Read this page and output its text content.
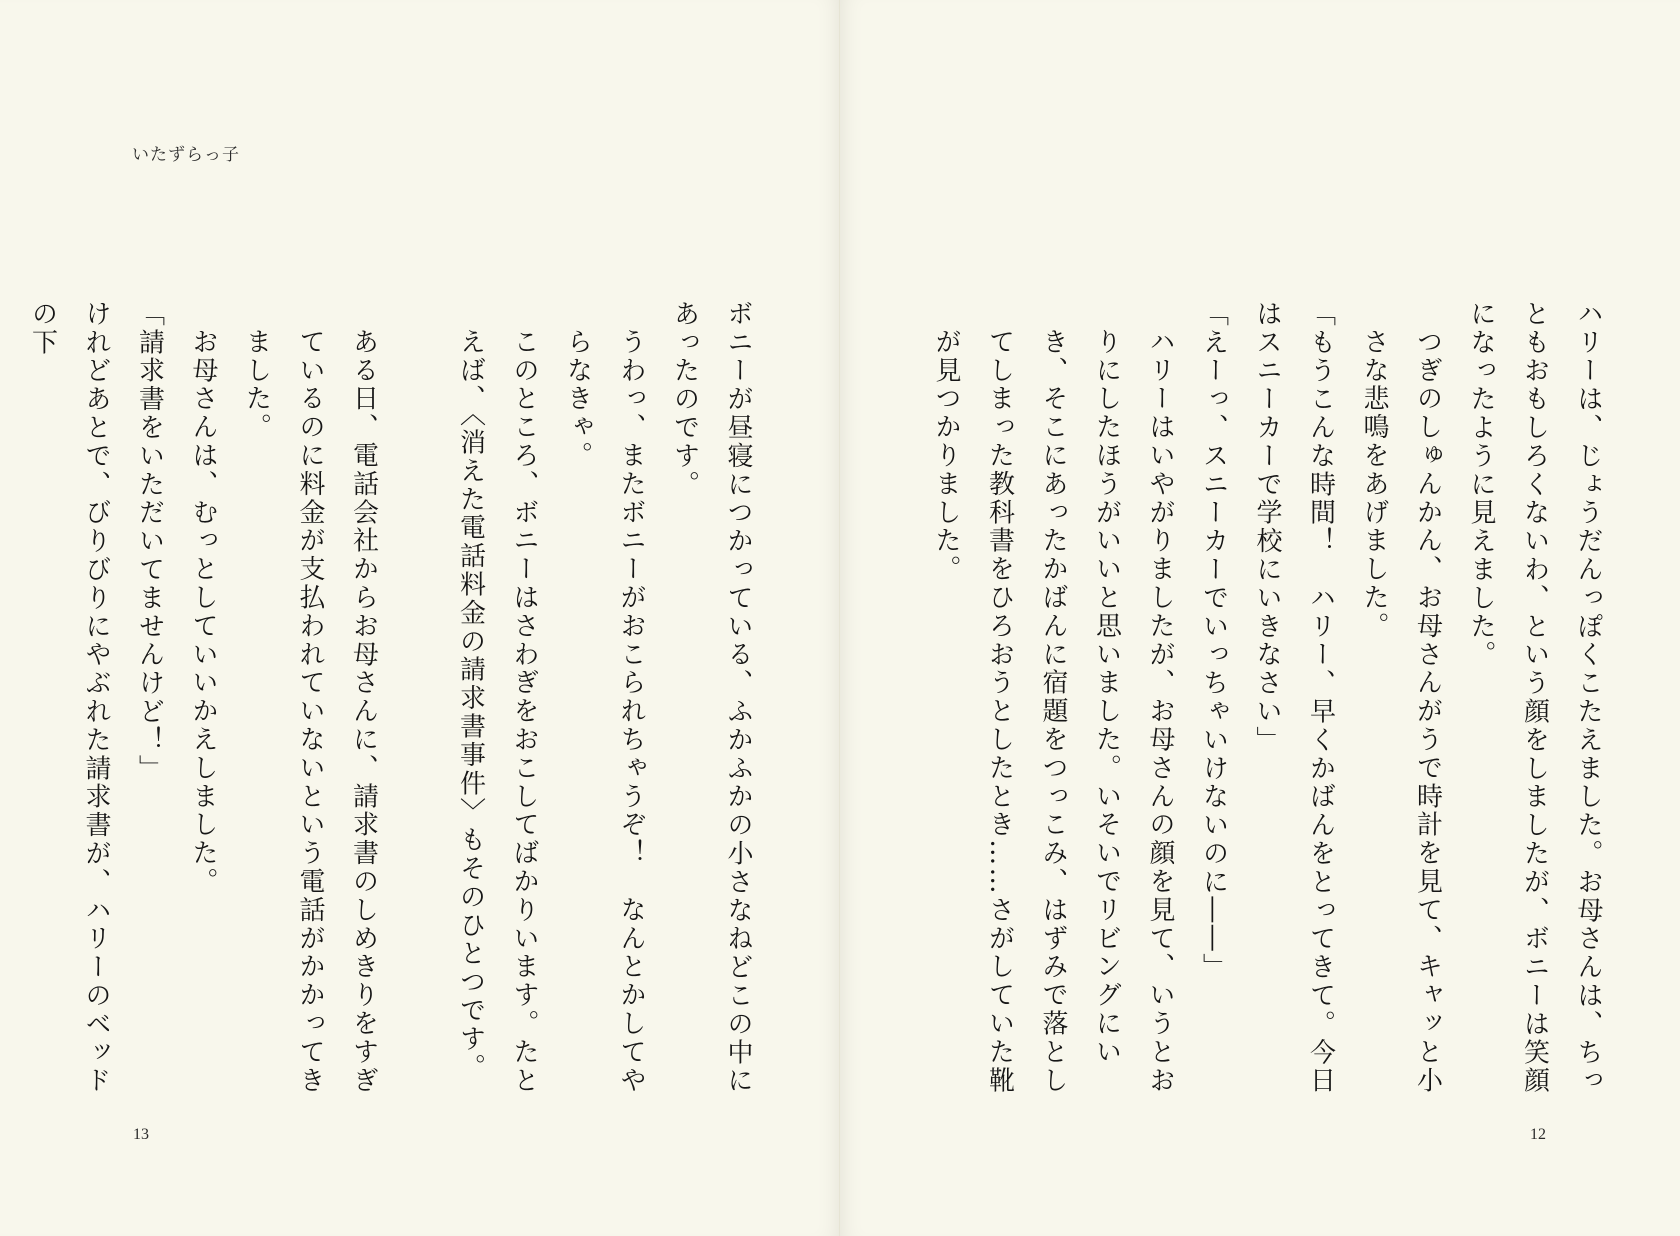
いたずらっ子

ボニーが昼寝につかっている、ふかふかの小さなねどこの中にあったのです。

うわっ、またボニーがおこられちゃうぞ！　なんとかしてやらなきゃ。

このところ、ボニーはさわぎをおこしてばかりいます。たとえば、〈消えた電話料金の請求書事件〉もそのひとつです。

ある日、電話会社からお母さんに、請求書のしめきりをすぎているのに料金が支払われていないという電話がかかってきました。

お母さんは、むっとしていいかえしました。

「請求書をいただいてませんけど！」

けれどあとで、びりびりにやぶれた請求書が、ハリーのベッドの下

13

ハリーは、じょうだんっぽくこたえました。お母さんは、ちっともおもしろくないわ、という顔をしましたが、ボニーは笑顔になったように見えました。

つぎのしゅんかん、お母さんがうで時計を見て、キャッと小さな悲鳴をあげました。

「もうこんな時間！　ハリー、早くかばんをとってきて。今日はスニーカーで学校にいきなさい」

「えーっ、スニーカーでいっちゃいけないのに――」

ハリーはいやがりましたが、お母さんの顔を見て、いうとおりにしたほうがいいと思いました。いそいでリビングにいき、そこにあったかばんに宿題をつっこみ、はずみで落としてしまった教科書をひろおうとしたとき……さがしていた靴が見つかりました。

12
